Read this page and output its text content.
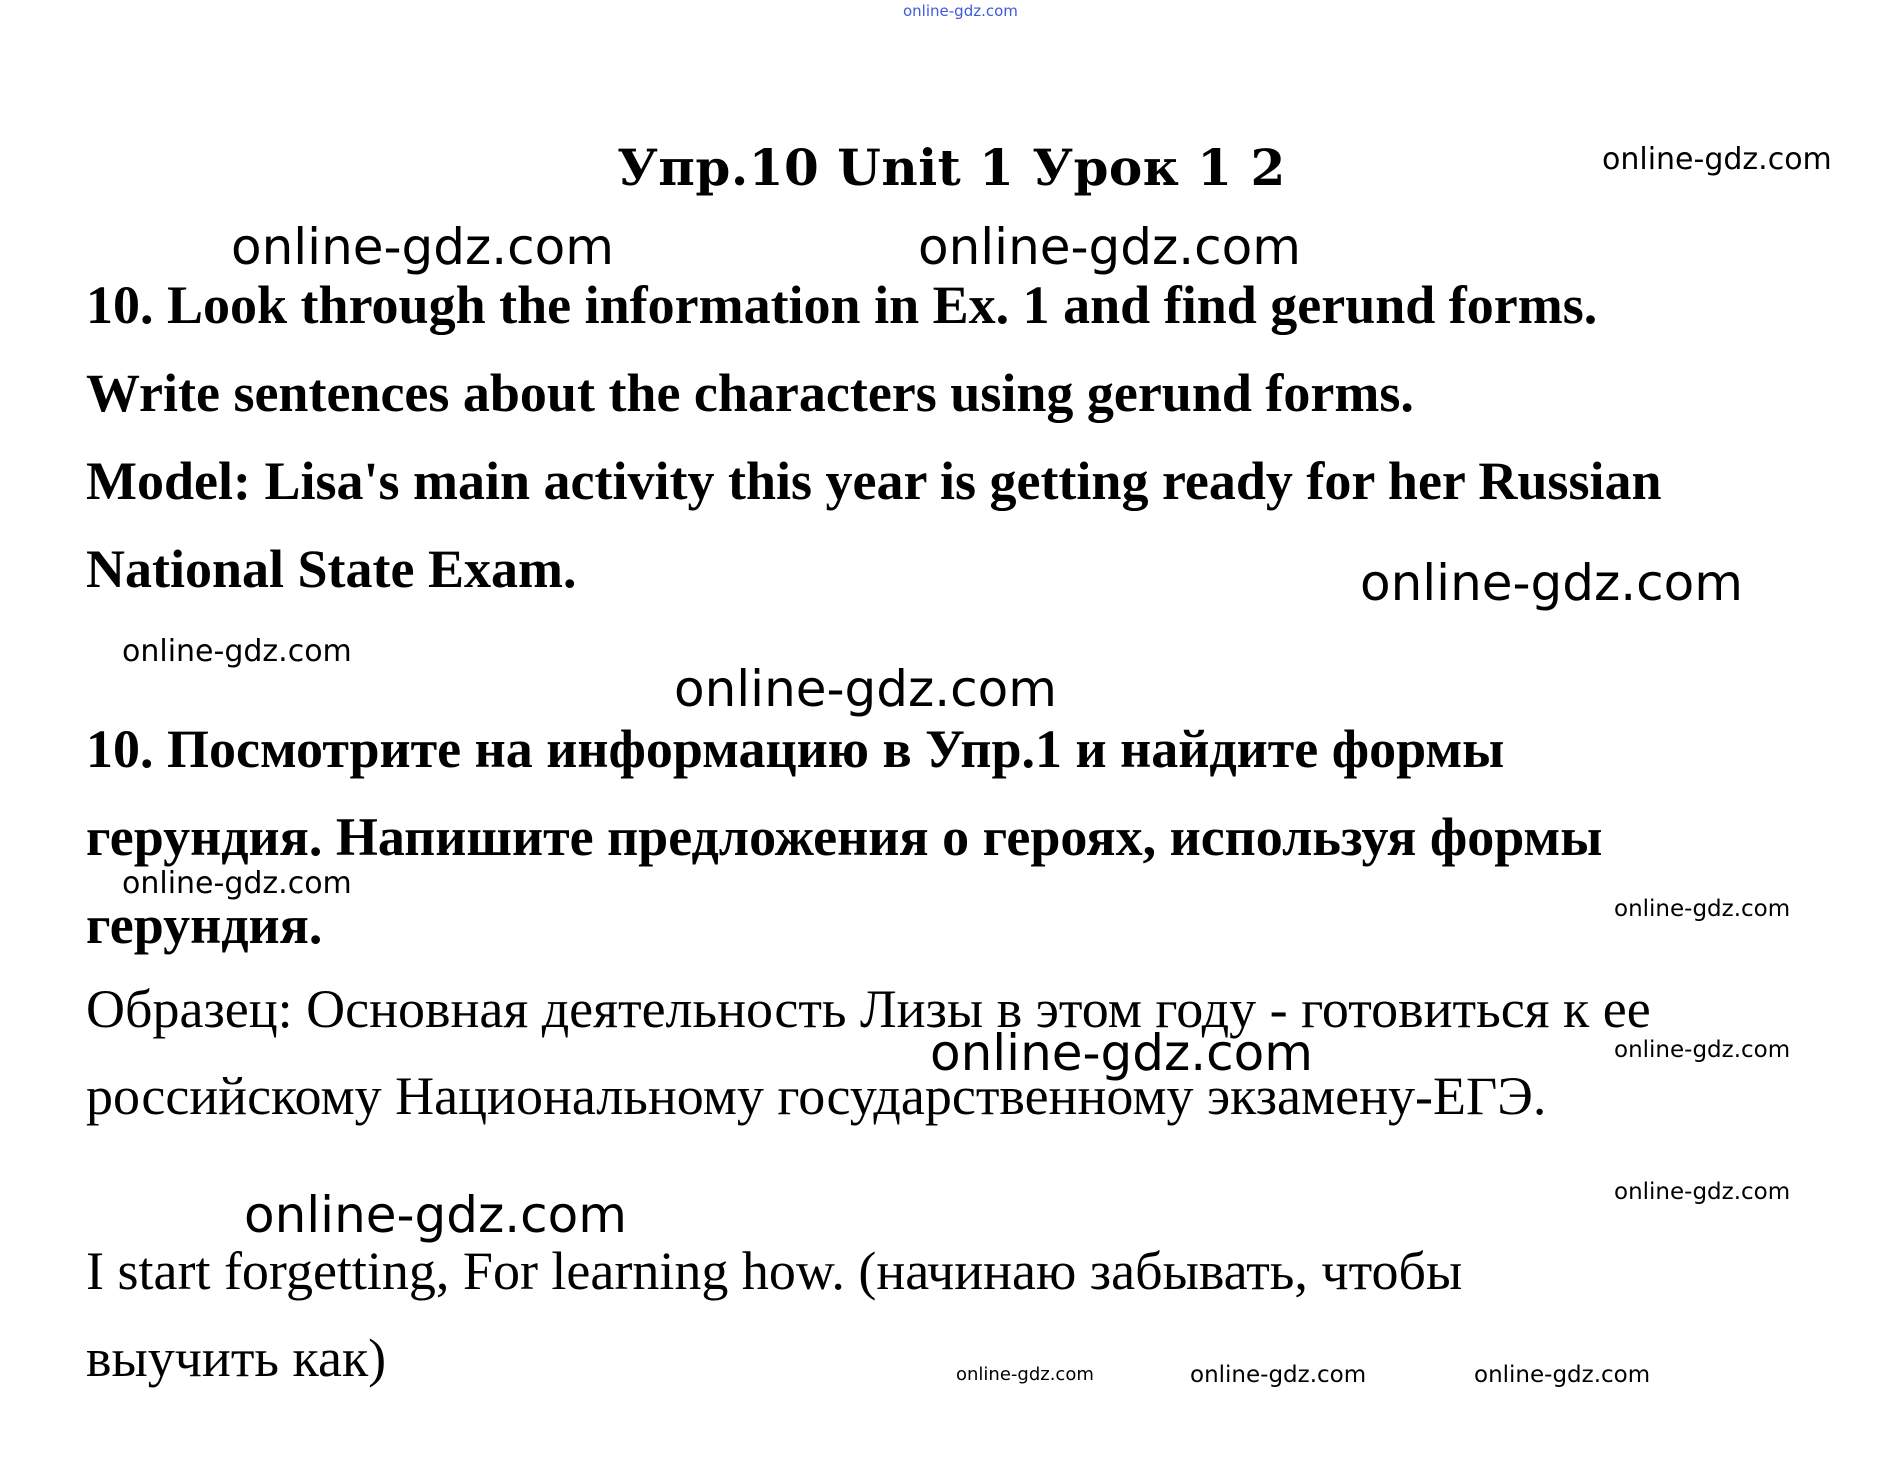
online-gdz.com
Упр.10 Unit 1 Урок 1 2
10. Look through the information in Ex. 1 and find gerund forms.
Write sentences about the characters using gerund forms.
Model: Lisa's main activity this year is getting ready for her Russian
National State Exam.
10. Посмотрите на информацию в Упр.1 и найдите формы
герундия. Напишите предложения о героях, используя формы
герундия.
Образец: Основная деятельность Лизы в этом году - готовиться к ее
российскому Национальному государственному экзамену-ЕГЭ.
I start forgetting, For learning how. (начинаю забывать, чтобы
выучить как)
online-gdz.com
online-gdz.com	online-gdz.com
online-gdz.com
online-gdz.com
online-gdz.com
online-gdz.com
online-gdz.com
online-gdz.com	online-gdz.com
online-gdz.com
online-gdz.com
online-gdz.com	online-gdz.com	online-gdz.com
